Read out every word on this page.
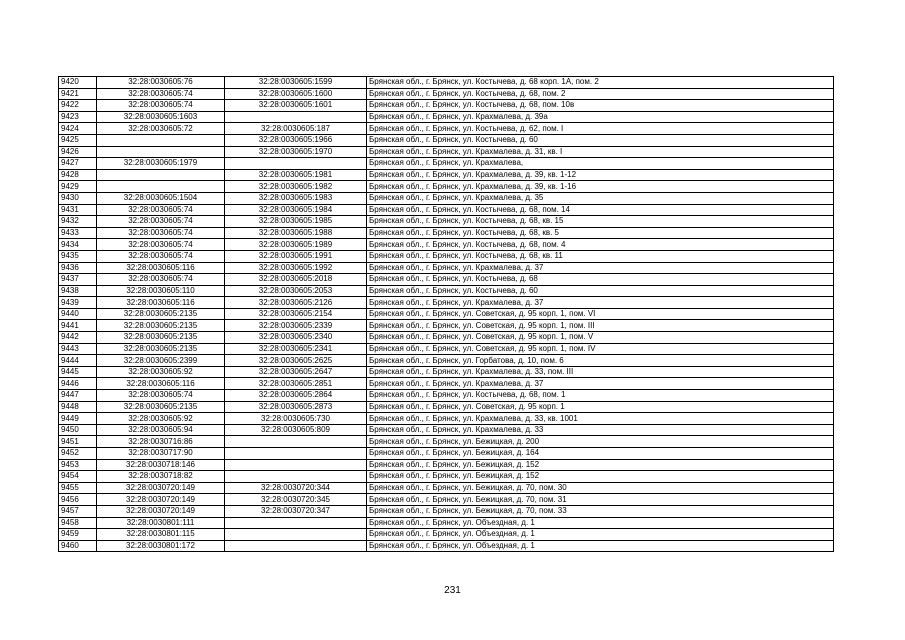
9420	32:28:0030605:76	32:28:0030605:1599	Брянская обл., г. Брянск, ул. Костычева, д. 68 корп. 1А, пом. 2
9421	32:28:0030605:74	32:28:0030605:1600	Брянская обл., г. Брянск, ул. Костычева, д. 68, пом. 2
9422	32:28:0030605:74	32:28:0030605:1601	Брянская обл., г. Брянск, ул. Костычева, д. 68, пом. 10в
9423	32:28:0030605:1603		Брянская обл., г. Брянск, ул. Крахмалева, д. 39а
9424	32:28:0030605:72	32:28:0030605:187	Брянская обл., г. Брянск, ул. Костычева, д. 62, пом. I
9425		32:28:0030605:1966	Брянская обл., г. Брянск, ул. Костычева, д. 60
9426		32:28:0030605:1970	Брянская обл., г. Брянск, ул. Крахмалева, д. 31, кв. I
9427	32:28:0030605:1979		Брянская обл., г. Брянск, ул. Крахмалева,
9428		32:28:0030605:1981	Брянская обл., г. Брянск, ул. Крахмалева, д. 39, кв. 1-12
9429		32:28:0030605:1982	Брянская обл., г. Брянск, ул. Крахмалева, д. 39, кв. 1-16
9430	32:28:0030605:1504	32:28:0030605:1983	Брянская обл., г. Брянск, ул. Крахмалева, д. 35
9431	32:28:0030605:74	32:28:0030605:1984	Брянская обл., г. Брянск, ул. Костычева, д. 68, пом. 14
9432	32:28:0030605:74	32:28:0030605:1985	Брянская обл., г. Брянск, ул. Костычева, д. 68, кв. 15
9433	32:28:0030605:74	32:28:0030605:1988	Брянская обл., г. Брянск, ул. Костычева, д. 68, кв. 5
9434	32:28:0030605:74	32:28:0030605:1989	Брянская обл., г. Брянск, ул. Костычева, д. 68, пом. 4
9435	32:28:0030605:74	32:28:0030605:1991	Брянская обл., г. Брянск, ул. Костычева, д. 68, кв. 11
9436	32:28:0030605:116	32:28:0030605:1992	Брянская обл., г. Брянск, ул. Крахмалева, д. 37
9437	32:28:0030605:74	32:28:0030605:2018	Брянская обл., г. Брянск, ул. Костычева, д. 68
9438	32:28:0030605:110	32:28:0030605:2053	Брянская обл., г. Брянск, ул. Костычева, д. 60
9439	32:28:0030605:116	32:28:0030605:2126	Брянская обл., г. Брянск, ул. Крахмалева, д. 37
9440	32:28:0030605:2135	32:28:0030605:2154	Брянская обл., г. Брянск, ул. Советская, д. 95 корп. 1, пом. VI
9441	32:28:0030605:2135	32:28:0030605:2339	Брянская обл., г. Брянск, ул. Советская, д. 95 корп. 1, пом. III
9442	32:28:0030605:2135	32:28:0030605:2340	Брянская обл., г. Брянск, ул. Советская, д. 95 корп. 1, пом. V
9443	32:28:0030605:2135	32:28:0030605:2341	Брянская обл., г. Брянск, ул. Советская, д. 95 корп. 1, пом. IV
9444	32:28:0030605:2399	32:28:0030605:2625	Брянская обл., г. Брянск, ул. Горбатова, д. 10, пом. 6
9445	32:28:0030605:92	32:28:0030605:2647	Брянская обл., г. Брянск, ул. Крахмалева, д. 33, пом. III
9446	32:28:0030605:116	32:28:0030605:2851	Брянская обл., г. Брянск, ул. Крахмалева, д. 37
9447	32:28:0030605:74	32:28:0030605:2864	Брянская обл., г. Брянск, ул. Костычева, д. 68, пом. 1
9448	32:28:0030605:2135	32:28:0030605:2873	Брянская обл., г. Брянск, ул. Советская, д. 95 корп. 1
9449	32:28:0030605:92	32:28:0030605:730	Брянская обл., г. Брянск, ул. Крахмалева, д. 33, кв. 1001
9450	32:28:0030605:94	32:28:0030605:809	Брянская обл., г. Брянск, ул. Крахмалева, д. 33
9451	32:28:0030716:86		Брянская обл., г. Брянск, ул. Бежицкая, д. 200
9452	32:28:0030717:90		Брянская обл., г. Брянск, ул. Бежицкая, д. 164
9453	32:28:0030718:146		Брянская обл., г. Брянск, ул. Бежицкая, д. 152
9454	32:28:0030718:82		Брянская обл., г. Брянск, ул. Бежицкая, д. 152
9455	32:28:0030720:149	32:28:0030720:344	Брянская обл., г. Брянск, ул. Бежицкая, д. 70, пом. 30
9456	32:28:0030720:149	32:28:0030720:345	Брянская обл., г. Брянск, ул. Бежицкая, д. 70, пом. 31
9457	32:28:0030720:149	32:28:0030720:347	Брянская обл., г. Брянск, ул. Бежицкая, д. 70, пом. 33
9458	32:28:0030801:111		Брянская обл., г. Брянск, ул. Объездная, д. 1
9459	32:28:0030801:115		Брянская обл., г. Брянск, ул. Объездная, д. 1
9460	32:28:0030801:172		Брянская обл., г. Брянск, ул. Объездная, д. 1
231
